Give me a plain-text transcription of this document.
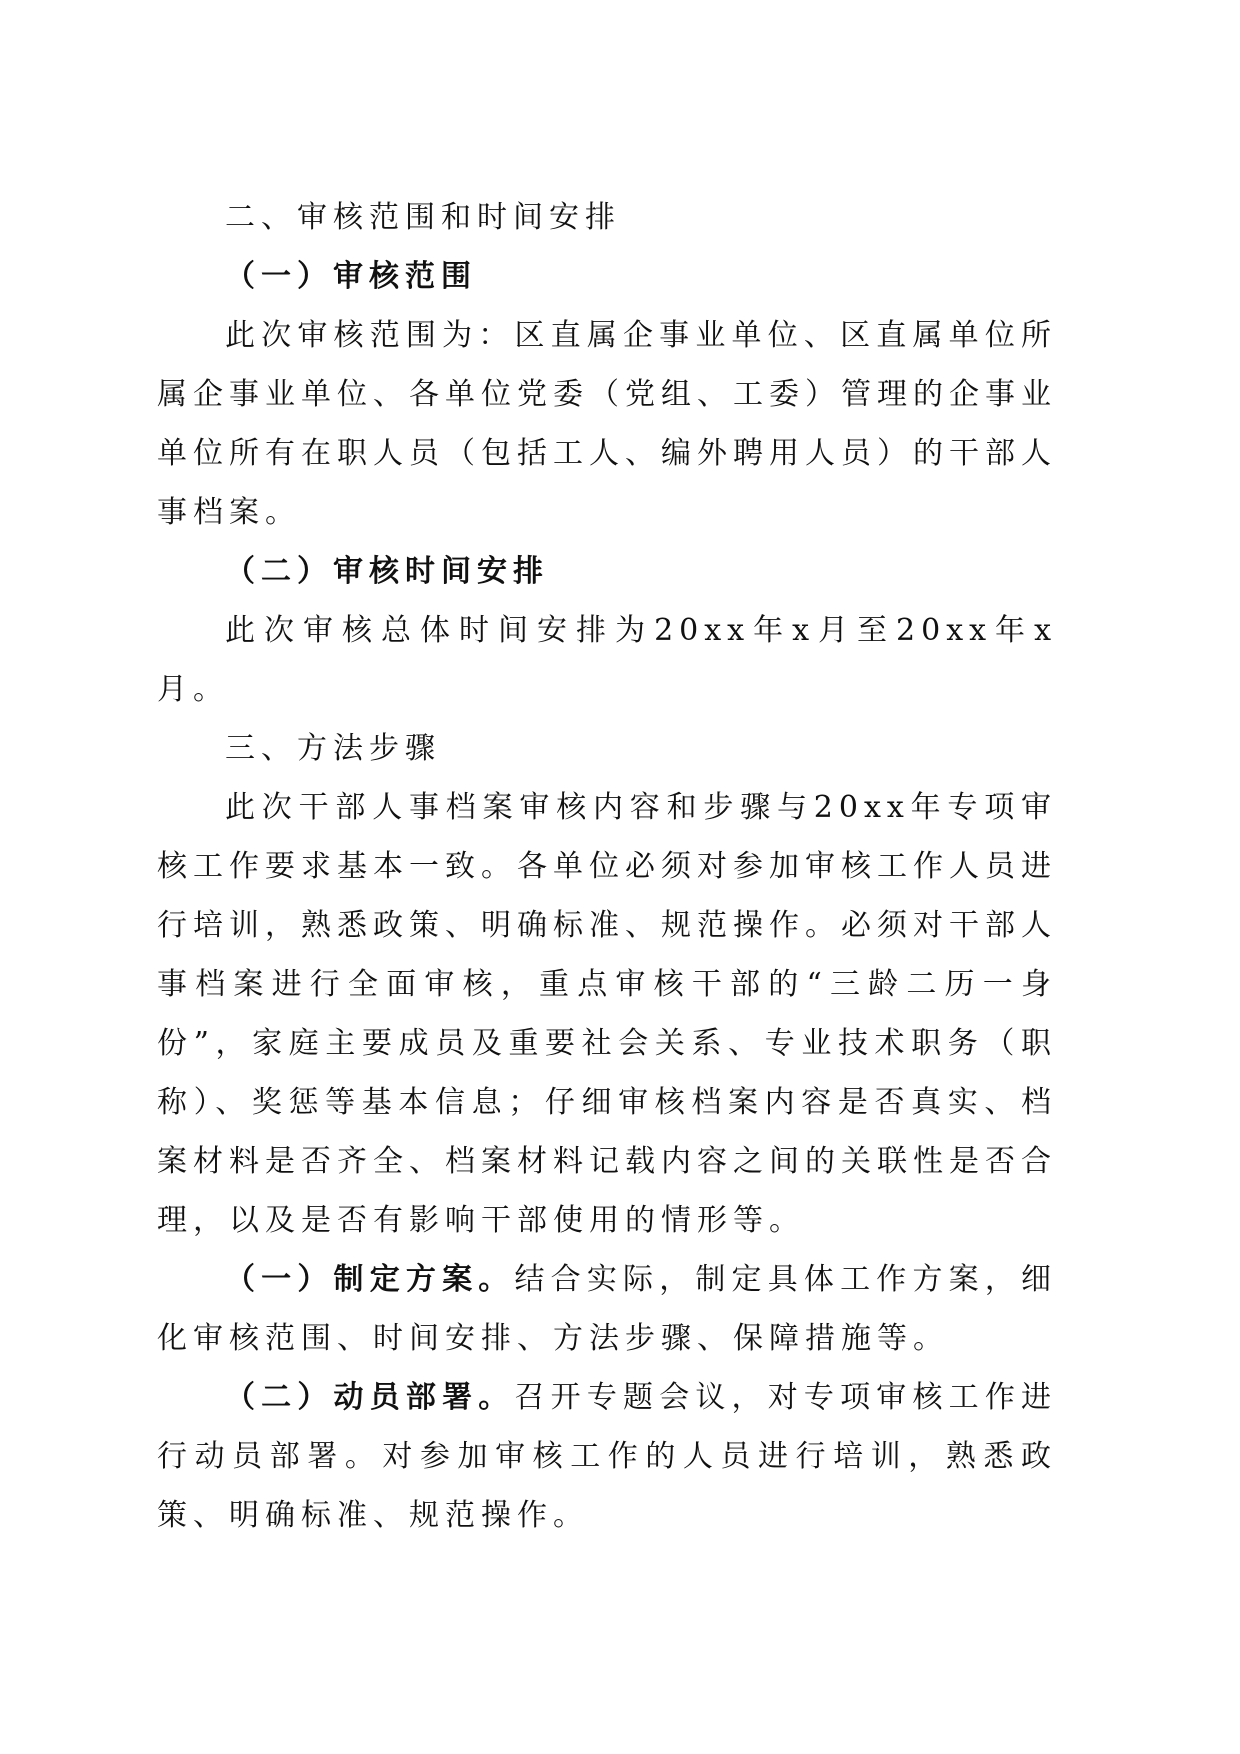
二、审核范围和时间安排

（一）审核范围

此次审核范围为：区直属企事业单位、区直属单位所属企事业单位、各单位党委（党组、工委）管理的企事业单位所有在职人员（包括工人、编外聘用人员）的干部人事档案。

（二）审核时间安排

此次审核总体时间安排为20xx年x月至20xx年x月。

三、方法步骤

此次干部人事档案审核内容和步骤与20xx年专项审核工作要求基本一致。各单位必须对参加审核工作人员进行培训，熟悉政策、明确标准、规范操作。必须对干部人事档案进行全面审核，重点审核干部的“三龄二历一身份”，家庭主要成员及重要社会关系、专业技术职务（职称）、奖惩等基本信息；仔细审核档案内容是否真实、档案材料是否齐全、档案材料记载内容之间的关联性是否合理，以及是否有影响干部使用的情形等。

（一）制定方案。结合实际，制定具体工作方案，细化审核范围、时间安排、方法步骤、保障措施等。

（二）动员部署。召开专题会议，对专项审核工作进行动员部署。对参加审核工作的人员进行培训，熟悉政策、明确标准、规范操作。
